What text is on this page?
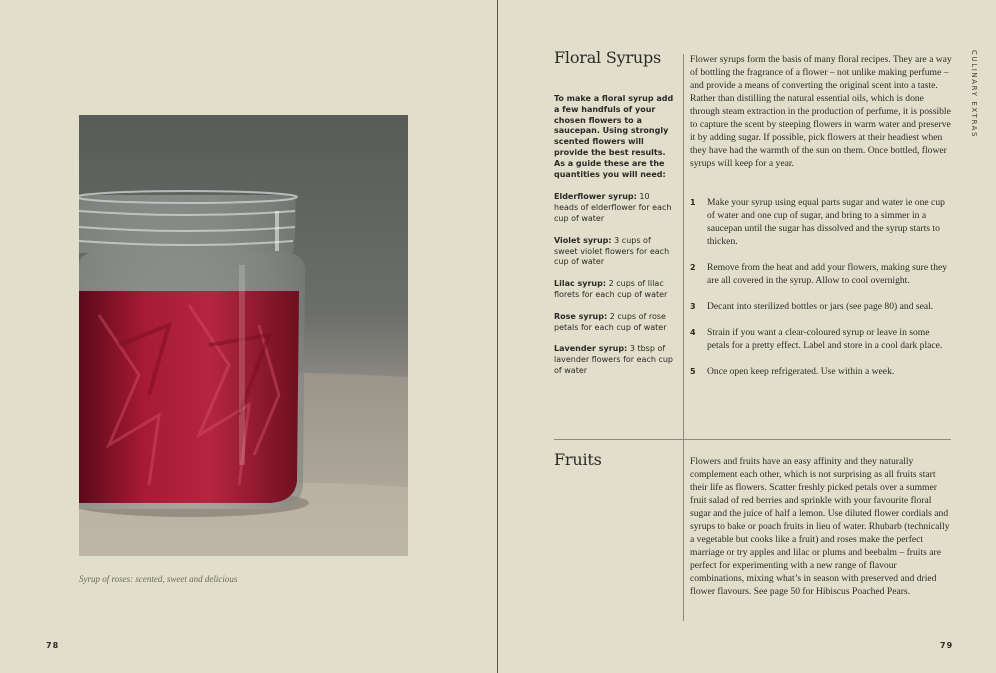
Syrup of roses: scented, sweet and delicious
78
CULINARY EXTRAS
Floral Syrups

To make a floral syrup add a few handfuls of your chosen flowers to a saucepan. Using strongly scented flowers will provide the best results. As a guide these are the quantities you will need:

Elderflower syrup: 10 heads of elderflower for each cup of water

Violet syrup: 3 cups of sweet violet flowers for each cup of water

Lilac syrup: 2 cups of lilac florets for each cup of water

Rose syrup: 2 cups of rose petals for each cup of water

Lavender syrup: 3 tbsp of lavender flowers for each cup of water

Flower syrups form the basis of many floral recipes. They are a way of bottling the fragrance of a flower – not unlike making perfume – and provide a means of converting the original scent into a taste. Rather than distilling the natural essential oils, which is done through steam extraction in the production of perfume, it is possible to capture the scent by steeping flowers in warm water and preserve it by adding sugar. If possible, pick flowers at their headiest when they have had the warmth of the sun on them. Once bottled, flower syrups will keep for a year.

1 Make your syrup using equal parts sugar and water ie one cup of water and one cup of sugar, and bring to a simmer in a saucepan until the sugar has dissolved and the syrup starts to thicken.
2 Remove from the heat and add your flowers, making sure they are all covered in the syrup. Allow to cool overnight.
3 Decant into sterilized bottles or jars (see page 80) and seal.
4 Strain if you want a clear-coloured syrup or leave in some petals for a pretty effect. Label and store in a cool dark place.
5 Once open keep refrigerated. Use within a week.
Fruits	Flowers and fruits have an easy affinity and they naturally complement each other, which is not surprising as all fruits start their life as flowers. Scatter freshly picked petals over a summer fruit salad of red berries and sprinkle with your favourite floral sugar and the juice of half a lemon. Use diluted flower cordials and syrups to bake or poach fruits in lieu of water. Rhubarb (technically a vegetable but cooks like a fruit) and roses make the perfect marriage or try apples and lilac or plums and beebalm – fruits are perfect for experimenting with a new range of flavour combinations, mixing what’s in season with preserved and dried flower flavours. See page 50 for Hibiscus Poached Pears.

79
